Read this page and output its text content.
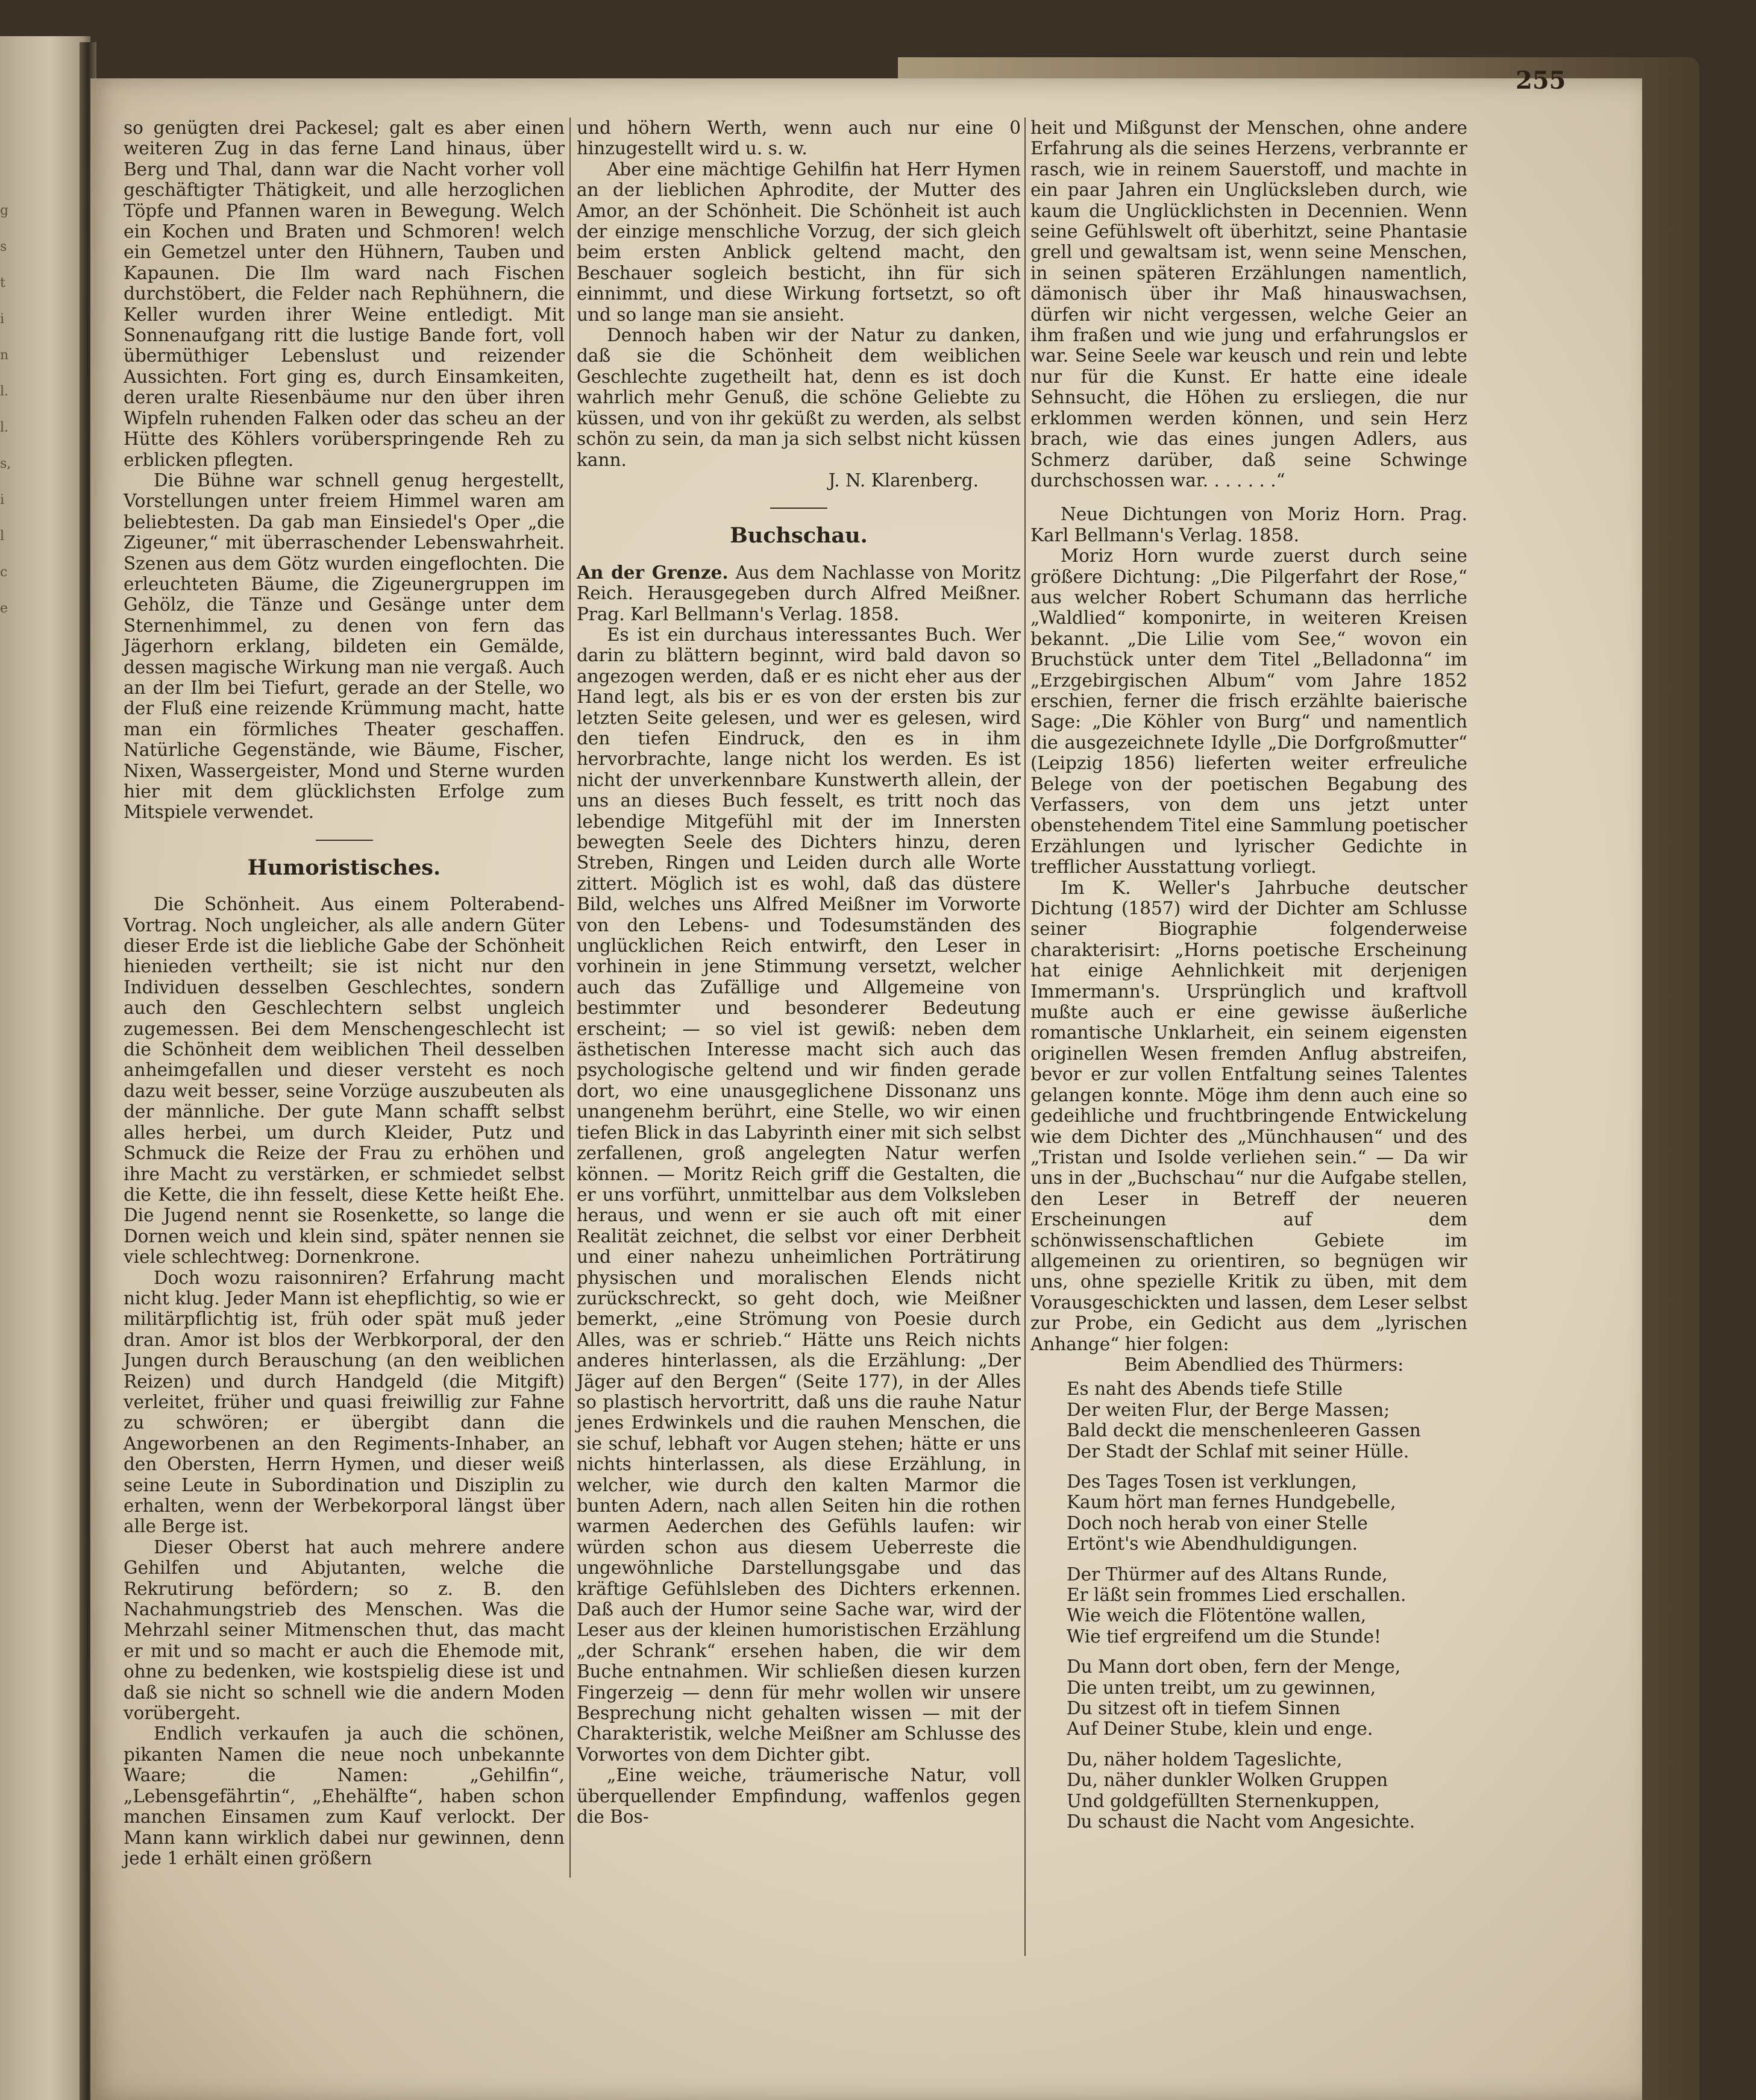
g
s
t
i
n
l.
l.
s,
i
l
c
e
255

so genügten drei Packesel; galt es aber einen weiteren Zug in das ferne Land hinaus, über Berg und Thal, dann war die Nacht vorher voll geschäftigter Thätigkeit, und alle herzoglichen Töpfe und Pfannen waren in Bewegung. Welch ein Kochen und Braten und Schmoren! welch ein Gemetzel unter den Hühnern, Tauben und Kapaunen. Die Ilm ward nach Fischen durchstöbert, die Felder nach Rephühnern, die Keller wurden ihrer Weine entledigt. Mit Sonnenaufgang ritt die lustige Bande fort, voll übermüthiger Lebenslust und reizender Aussichten. Fort ging es, durch Einsamkeiten, deren uralte Riesenbäume nur den über ihren Wipfeln ruhenden Falken oder das scheu an der Hütte des Köhlers vorüberspringende Reh zu erblicken pflegten.

Die Bühne war schnell genug hergestellt, Vorstellungen unter freiem Himmel waren am beliebtesten. Da gab man Einsiedel's Oper „die Zigeuner,“ mit überraschender Lebenswahrheit. Szenen aus dem Götz wurden eingeflochten. Die erleuchteten Bäume, die Zigeunergruppen im Gehölz, die Tänze und Gesänge unter dem Sternenhimmel, zu denen von fern das Jägerhorn erklang, bildeten ein Gemälde, dessen magische Wirkung man nie vergaß. Auch an der Ilm bei Tiefurt, gerade an der Stelle, wo der Fluß eine reizende Krümmung macht, hatte man ein förmliches Theater geschaffen. Natürliche Gegenstände, wie Bäume, Fischer, Nixen, Wassergeister, Mond und Sterne wurden hier mit dem glücklichsten Erfolge zum Mitspiele verwendet.

Humoristisches.

Die Schönheit. Aus einem Polterabend-Vortrag. Noch ungleicher, als alle andern Güter dieser Erde ist die liebliche Gabe der Schönheit hienieden vertheilt; sie ist nicht nur den Individuen desselben Geschlechtes, sondern auch den Geschlechtern selbst ungleich zugemessen. Bei dem Menschengeschlecht ist die Schönheit dem weiblichen Theil desselben anheimgefallen und dieser versteht es noch dazu weit besser, seine Vorzüge auszubeuten als der männliche. Der gute Mann schafft selbst alles herbei, um durch Kleider, Putz und Schmuck die Reize der Frau zu erhöhen und ihre Macht zu verstärken, er schmiedet selbst die Kette, die ihn fesselt, diese Kette heißt Ehe. Die Jugend nennt sie Rosenkette, so lange die Dornen weich und klein sind, später nennen sie viele schlechtweg: Dornenkrone.

Doch wozu raisonniren? Erfahrung macht nicht klug. Jeder Mann ist ehepflichtig, so wie er militärpflichtig ist, früh oder spät muß jeder dran. Amor ist blos der Werbkorporal, der den Jungen durch Berauschung (an den weiblichen Reizen) und durch Handgeld (die Mitgift) verleitet, früher und quasi freiwillig zur Fahne zu schwören; er übergibt dann die Angeworbenen an den Regiments-Inhaber, an den Obersten, Herrn Hymen, und dieser weiß seine Leute in Subordination und Disziplin zu erhalten, wenn der Werbekorporal längst über alle Berge ist.

Dieser Oberst hat auch mehrere andere Gehilfen und Abjutanten, welche die Rekrutirung befördern; so z. B. den Nachahmungstrieb des Menschen. Was die Mehrzahl seiner Mitmenschen thut, das macht er mit und so macht er auch die Ehemode mit, ohne zu bedenken, wie kostspielig diese ist und daß sie nicht so schnell wie die andern Moden vorübergeht.

Endlich verkaufen ja auch die schönen, pikanten Namen die neue noch unbekannte Waare; die Namen: „Gehilfin“, „Lebensgefährtin“, „Ehehälfte“, haben schon manchen Einsamen zum Kauf verlockt. Der Mann kann wirklich dabei nur gewinnen, denn jede 1 erhält einen größern

und höhern Werth, wenn auch nur eine 0 hinzugestellt wird u. s. w.

Aber eine mächtige Gehilfin hat Herr Hymen an der lieblichen Aphrodite, der Mutter des Amor, an der Schönheit. Die Schönheit ist auch der einzige menschliche Vorzug, der sich gleich beim ersten Anblick geltend macht, den Beschauer sogleich besticht, ihn für sich einnimmt, und diese Wirkung fortsetzt, so oft und so lange man sie ansieht.

Dennoch haben wir der Natur zu danken, daß sie die Schönheit dem weiblichen Geschlechte zugetheilt hat, denn es ist doch wahrlich mehr Genuß, die schöne Geliebte zu küssen, und von ihr geküßt zu werden, als selbst schön zu sein, da man ja sich selbst nicht küssen kann.

J. N. Klarenberg.

Buchschau.

An der Grenze. Aus dem Nachlasse von Moritz Reich. Herausgegeben durch Alfred Meißner. Prag. Karl Bellmann's Verlag. 1858.

Es ist ein durchaus interessantes Buch. Wer darin zu blättern beginnt, wird bald davon so angezogen werden, daß er es nicht eher aus der Hand legt, als bis er es von der ersten bis zur letzten Seite gelesen, und wer es gelesen, wird den tiefen Eindruck, den es in ihm hervorbrachte, lange nicht los werden. Es ist nicht der unverkennbare Kunstwerth allein, der uns an dieses Buch fesselt, es tritt noch das lebendige Mitgefühl mit der im Innersten bewegten Seele des Dichters hinzu, deren Streben, Ringen und Leiden durch alle Worte zittert. Möglich ist es wohl, daß das düstere Bild, welches uns Alfred Meißner im Vorworte von den Lebens- und Todesumständen des unglücklichen Reich entwirft, den Leser in vorhinein in jene Stimmung versetzt, welcher auch das Zufällige und Allgemeine von bestimmter und besonderer Bedeutung erscheint; — so viel ist gewiß: neben dem ästhetischen Interesse macht sich auch das psychologische geltend und wir finden gerade dort, wo eine unausgeglichene Dissonanz uns unangenehm berührt, eine Stelle, wo wir einen tiefen Blick in das Labyrinth einer mit sich selbst zerfallenen, groß angelegten Natur werfen können. — Moritz Reich griff die Gestalten, die er uns vorführt, unmittelbar aus dem Volksleben heraus, und wenn er sie auch oft mit einer Realität zeichnet, die selbst vor einer Derbheit und einer nahezu unheimlichen Porträtirung physischen und moralischen Elends nicht zurückschreckt, so geht doch, wie Meißner bemerkt, „eine Strömung von Poesie durch Alles, was er schrieb.“ Hätte uns Reich nichts anderes hinterlassen, als die Erzählung: „Der Jäger auf den Bergen“ (Seite 177), in der Alles so plastisch hervortritt, daß uns die rauhe Natur jenes Erdwinkels und die rauhen Menschen, die sie schuf, lebhaft vor Augen stehen; hätte er uns nichts hinterlassen, als diese Erzählung, in welcher, wie durch den kalten Marmor die bunten Adern, nach allen Seiten hin die rothen warmen Aederchen des Gefühls laufen: wir würden schon aus diesem Ueberreste die ungewöhnliche Darstellungsgabe und das kräftige Gefühlsleben des Dichters erkennen. Daß auch der Humor seine Sache war, wird der Leser aus der kleinen humoristischen Erzählung „der Schrank“ ersehen haben, die wir dem Buche entnahmen. Wir schließen diesen kurzen Fingerzeig — denn für mehr wollen wir unsere Besprechung nicht gehalten wissen — mit der Charakteristik, welche Meißner am Schlusse des Vorwortes von dem Dichter gibt.

„Eine weiche, träumerische Natur, voll überquellender Empfindung, waffenlos gegen die Bos-

heit und Mißgunst der Menschen, ohne andere Erfahrung als die seines Herzens, verbrannte er rasch, wie in reinem Sauerstoff, und machte in ein paar Jahren ein Unglücksleben durch, wie kaum die Unglücklichsten in Decennien. Wenn seine Gefühlswelt oft überhitzt, seine Phantasie grell und gewaltsam ist, wenn seine Menschen, in seinen späteren Erzählungen namentlich, dämonisch über ihr Maß hinauswachsen, dürfen wir nicht vergessen, welche Geier an ihm fraßen und wie jung und erfahrungslos er war. Seine Seele war keusch und rein und lebte nur für die Kunst. Er hatte eine ideale Sehnsucht, die Höhen zu ersliegen, die nur erklommen werden können, und sein Herz brach, wie das eines jungen Adlers, aus Schmerz darüber, daß seine Schwinge durchschossen war. . . . . . .“

Neue Dichtungen von Moriz Horn. Prag. Karl Bellmann's Verlag. 1858.

Moriz Horn wurde zuerst durch seine größere Dichtung: „Die Pilgerfahrt der Rose,“ aus welcher Robert Schumann das herrliche „Waldlied“ komponirte, in weiteren Kreisen bekannt. „Die Lilie vom See,“ wovon ein Bruchstück unter dem Titel „Belladonna“ im „Erzgebirgischen Album“ vom Jahre 1852 erschien, ferner die frisch erzählte baierische Sage: „Die Köhler von Burg“ und namentlich die ausgezeichnete Idylle „Die Dorfgroßmutter“ (Leipzig 1856) lieferten weiter erfreuliche Belege von der poetischen Begabung des Verfassers, von dem uns jetzt unter obenstehendem Titel eine Sammlung poetischer Erzählungen und lyrischer Gedichte in trefflicher Ausstattung vorliegt.

Im K. Weller's Jahrbuche deutscher Dichtung (1857) wird der Dichter am Schlusse seiner Biographie folgenderweise charakterisirt: „Horns poetische Erscheinung hat einige Aehnlichkeit mit derjenigen Immermann's. Ursprünglich und kraftvoll mußte auch er eine gewisse äußerliche romantische Unklarheit, ein seinem eigensten originellen Wesen fremden Anflug abstreifen, bevor er zur vollen Entfaltung seines Talentes gelangen konnte. Möge ihm denn auch eine so gedeihliche und fruchtbringende Entwickelung wie dem Dichter des „Münchhausen“ und des „Tristan und Isolde verliehen sein.“ — Da wir uns in der „Buchschau“ nur die Aufgabe stellen, den Leser in Betreff der neueren Erscheinungen auf dem schönwissenschaftlichen Gebiete im allgemeinen zu orientiren, so begnügen wir uns, ohne spezielle Kritik zu üben, mit dem Vorausgeschickten und lassen, dem Leser selbst zur Probe, ein Gedicht aus dem „lyrischen Anhange“ hier folgen:

Beim Abendlied des Thürmers:

Es naht des Abends tiefe Stille
Der weiten Flur, der Berge Massen;
Bald deckt die menschenleeren Gassen
Der Stadt der Schlaf mit seiner Hülle.
Des Tages Tosen ist verklungen,
Kaum hört man fernes Hundgebelle,
Doch noch herab von einer Stelle
Ertönt's wie Abendhuldigungen.
Der Thürmer auf des Altans Runde,
Er läßt sein frommes Lied erschallen.
Wie weich die Flötentöne wallen,
Wie tief ergreifend um die Stunde!
Du Mann dort oben, fern der Menge,
Die unten treibt, um zu gewinnen,
Du sitzest oft in tiefem Sinnen
Auf Deiner Stube, klein und enge.
Du, näher holdem Tageslichte,
Du, näher dunkler Wolken Gruppen
Und goldgefüllten Sternenkuppen,
Du schaust die Nacht vom Angesichte.
